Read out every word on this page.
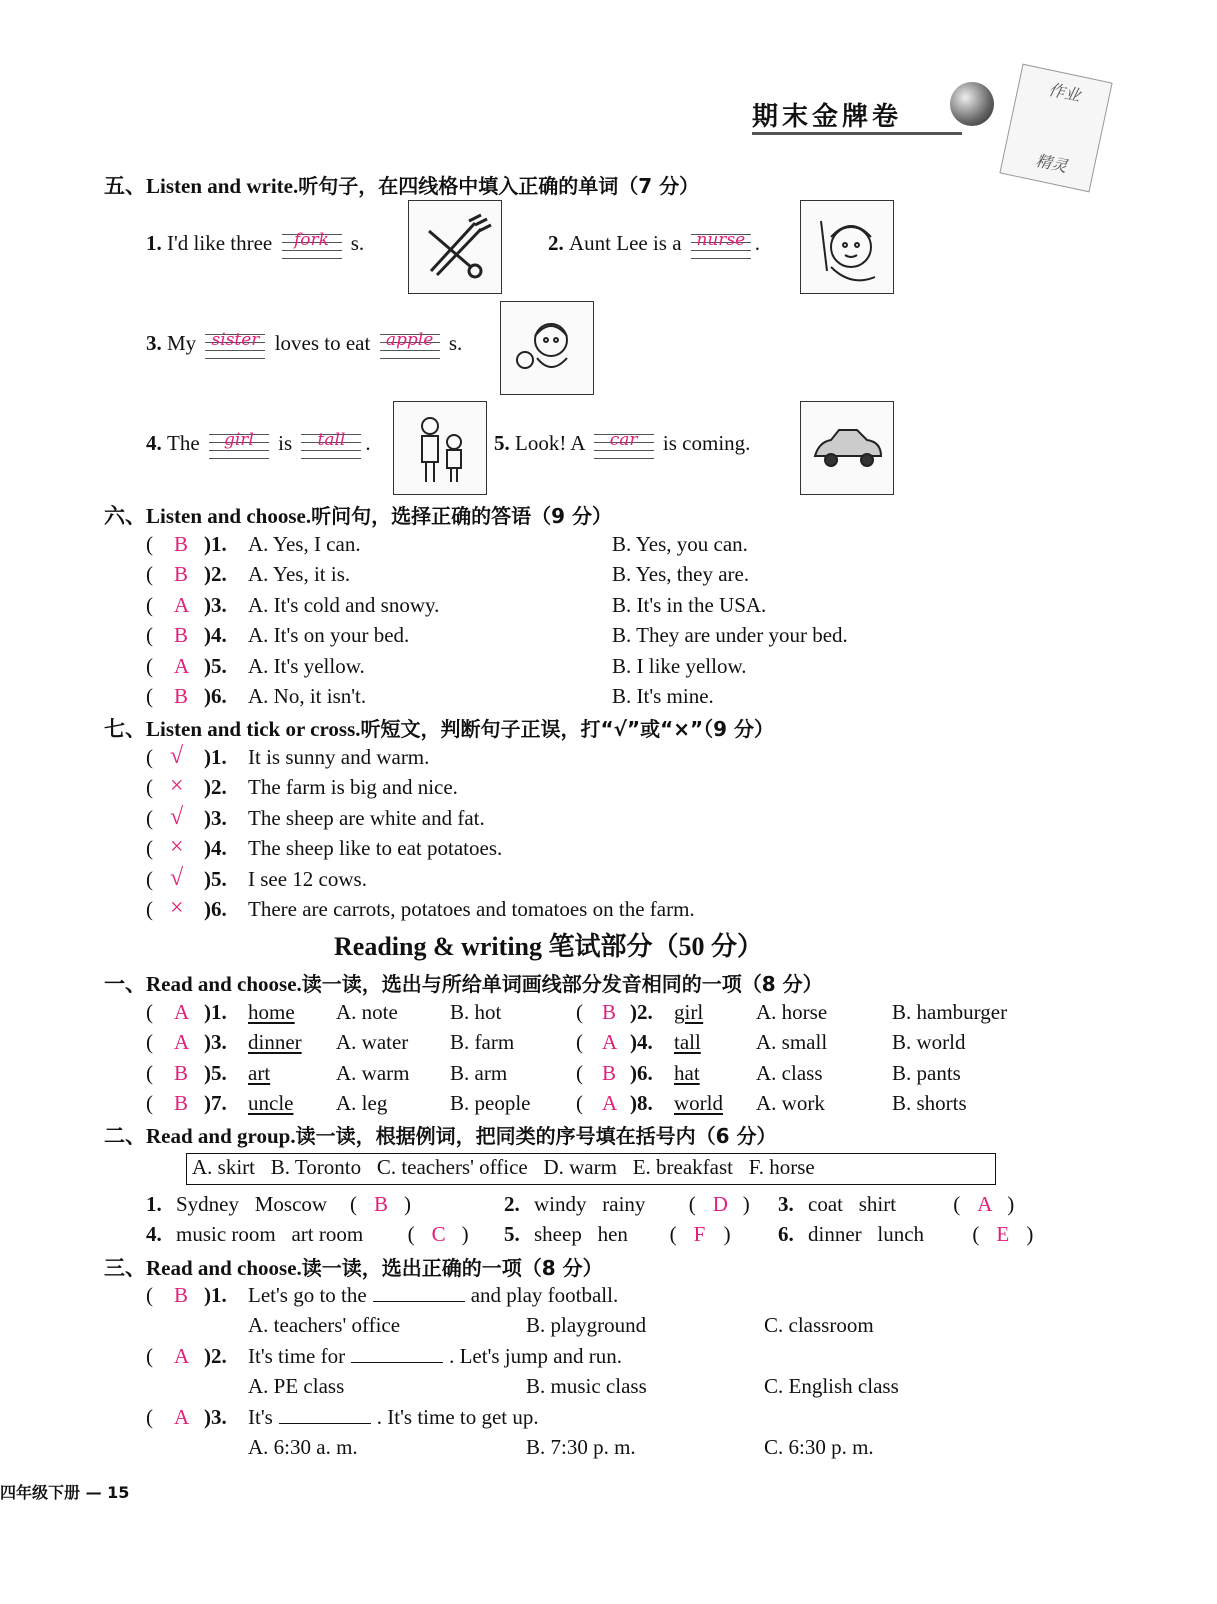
期末金牌卷
作业
精灵
五、Listen and write.听句子，在四线格中填入正确的单词（7 分）
1. I'd like three	fork	s.	2. Aunt Lee is a nurse .
3. My sister loves to eat apple s.
4. The	girl	is	tall .	5. Look! A	car	is coming.
六、Listen and choose.听问句，选择正确的答语（9 分）
( B )1. A. Yes, I can.	B. Yes, you can.
( B )2. A. Yes, it is.	B. Yes, they are.
( A )3. A. It's cold and snowy.	B. It's in the USA.
( B )4. A. It's on your bed.	B. They are under your bed.
( A )5. A. It's yellow.	B. I like yellow.
( B )6. A. No, it isn't.	B. It's mine.
七、Listen and tick or cross.听短文，判断句子正误，打“√”或“×”（9 分）
( √ )1. It is sunny and warm.
( × )2. The farm is big and nice.
( √ )3. The sheep are white and fat.
( × )4. The sheep like to eat potatoes.
( √ )5. I see 12 cows.
( × )6. There are carrots, potatoes and tomatoes on the farm.
Reading & writing 笔试部分（50 分）
一、Read and choose.读一读，选出与所给单词画线部分发音相同的一项（8 分）
( A )1. home A. note B. hot	( B )2. girl	A. horse	B. hamburger
( A )3. dinner A. water B. farm	( A )4. tall	A. small	B. world
( B )5. art	A. warm B. arm	( B )6. hat	A. class	B. pants
( B )7. uncle A. leg	B. people ( A )8. world A. work	B. shorts
二、Read and group.读一读，根据例词，把同类的序号填在括号内（6 分）
A. skirt   B. Toronto   C. teachers' office   D. warm   E. breakfast   F. horse
1. Sydney   Moscow ( B )	2. windy   rainy ( D ) 3. coat   shirt	( A )
4. music room   art room ( C ) 5. sheep   hen ( F ) 6. dinner   lunch ( E )
三、Read and choose.读一读，选出正确的一项（8 分）
( B )1. Let's go to the	and play football.
A. teachers' office	B. playground	C. classroom
( A )2. It's time for	. Let's jump and run.
A. PE class	B. music class	C. English class
( A )3. It's	. It's time to get up.
A. 6:30 a. m.	B. 7:30 p. m.	C. 6:30 p. m.
四年级下册 — 15
